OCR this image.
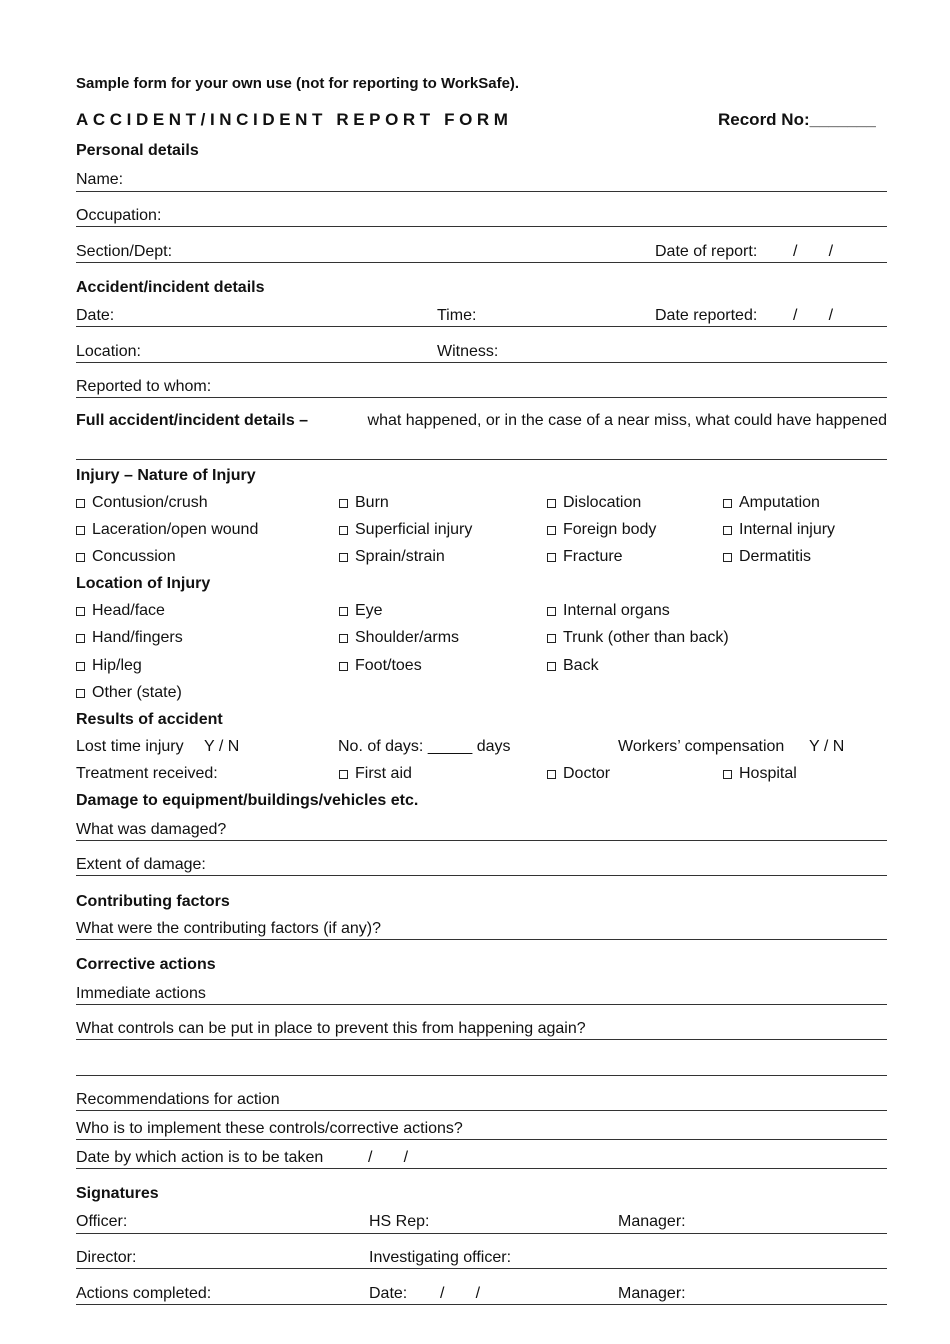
Sample form for your own use (not for reporting to WorkSafe).
ACCIDENT/INCIDENT REPORT FORM	Record No:_______
Personal details
Name:
Occupation:
Section/Dept:	Date of report: /       /
Accident/incident details
Date:	Time:	Date reported: /       /
Location:	Witness:
Reported to whom:
Full accident/incident details –	what happened, or in the case of a near miss, what could have happened
Injury – Nature of Injury
Contusion/crush	Burn	Dislocation	Amputation
Laceration/open wound	Superficial injury	Foreign body	Internal injury
Concussion	Sprain/strain	Fracture	Dermatitis
Location of Injury
Head/face	Eye	Internal organs
Hand/fingers	Shoulder/arms	Trunk (other than back)
Hip/leg	Foot/toes	Back
Other (state)
Results of accident
Lost time injury Y / N	No. of days: _____ days	Workers’ compensation Y / N
Treatment received:	First aid	Doctor	Hospital
Damage to equipment/buildings/vehicles etc.
What was damaged?
Extent of damage:
Contributing factors
What were the contributing factors (if any)?
Corrective actions
Immediate actions
What controls can be put in place to prevent this from happening again?
Recommendations for action
Who is to implement these controls/corrective actions?
Date by which action is to be taken	/       /
Signatures
Officer:	HS Rep:	Manager:
Director:	Investigating officer:
Actions completed:	Date: /       /	Manager:
